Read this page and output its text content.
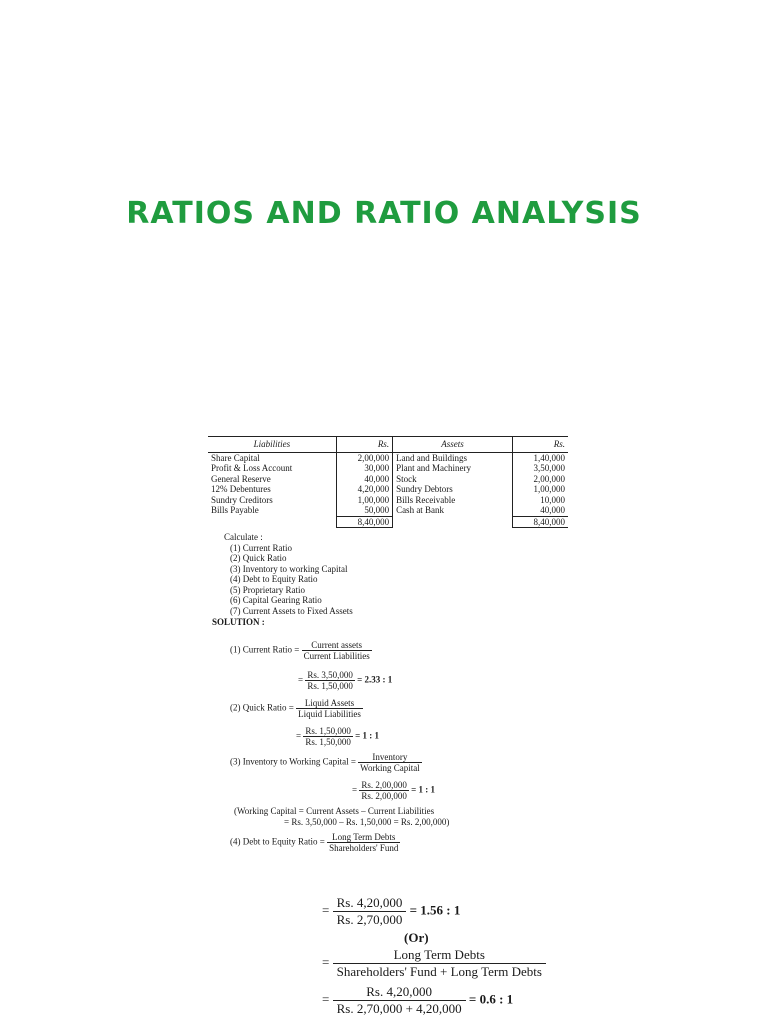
RATIOS AND RATIO ANALYSIS
Liabilities	Rs.	Assets	Rs.
Share Capital	2,00,000	Land and Buildings	1,40,000
Profit & Loss Account	30,000	Plant and Machinery	3,50,000
General Reserve	40,000	Stock	2,00,000
12% Debentures	4,20,000	Sundry Debtors	1,00,000
Sundry Creditors	1,00,000	Bills Receivable	10,000
Bills Payable	50,000	Cash at Bank	40,000
	8,40,000		8,40,000
Calculate :
(1) Current Ratio
(2) Quick Ratio
(3) Inventory to working Capital
(4) Debt to Equity Ratio
(5) Proprietary Ratio
(6) Capital Gearing Ratio
(7) Current Assets to Fixed Assets
SOLUTION :
(1) Current Ratio = $\frac{\text{Current assets}}{\text{Current Liabilities}}$
= $\frac{Rs. 3,50,000}{Rs. 1,50,000} = 2.33$ : 1
(2) Quick Ratio = $\frac{\text{Liquid Assets}}{\text{Liquid Liabilities}}$
= $\frac{Rs. 1,50,000}{Rs. 1,50,000} = 1$ : 1
(3) Inventory to Working Capital = $\frac{\text{Inventory}}{\text{Working Capital}}$
= $\frac{Rs. 2,00,000}{Rs. 2,00,000} = 1$ : 1
(Working Capital = Current Assets – Current Liabilities
= Rs. 3,50,000 – Rs. 1,50,000 = Rs. 2,00,000)
(4) Debt to Equity Ratio = $\frac{\text{Long Term Debts}}{\text{Shareholders' Fund}}$
= $\frac{Rs. 4,20,000}{Rs. 2,70,000} = 1.56$ : 1
(Or)
= $\frac{\text{Long Term Debts}}{\text{Shareholders' Fund + Long Term Debts}}$
= $\frac{Rs. 4,20,000}{Rs. 2,70,000 + 4,20,000} = 0.6$ : 1
